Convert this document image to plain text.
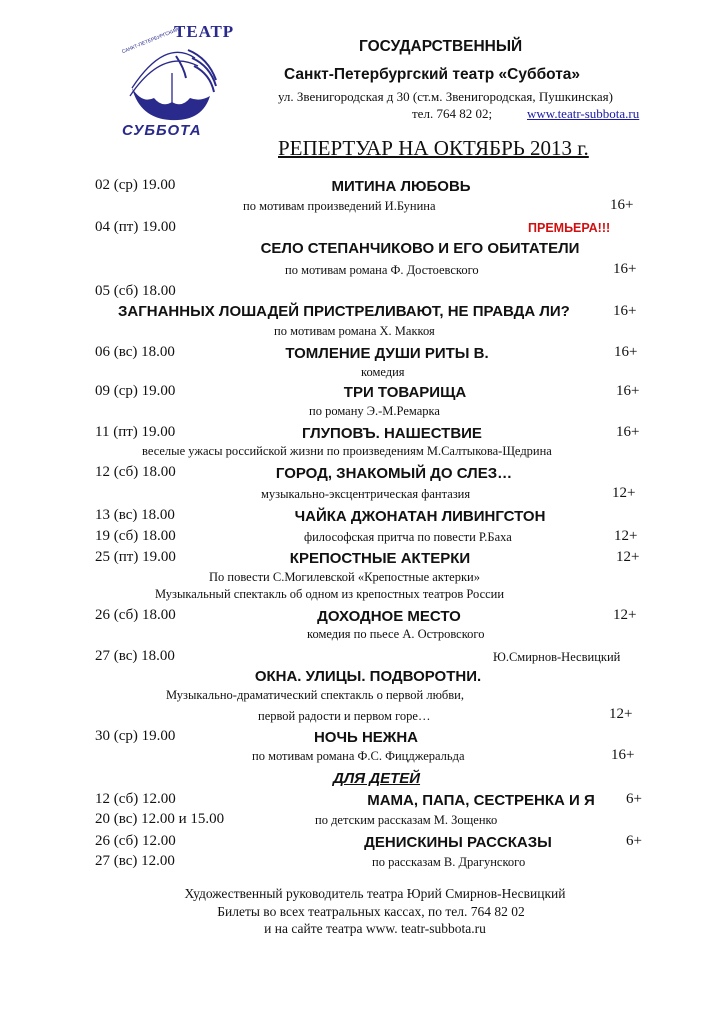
САНКТ-ПЕТЕРБУРГСКИЙ
ТЕАТР
СУББОТА
ГОСУДАРСТВЕННЫЙ
Санкт-Петербургский театр «Суббота»
ул. Звенигородская д 30 (ст.м. Звенигородская, Пушкинская)
тел. 764 82 02;	www.teatr-subbota.ru
РЕПЕРТУАР НА ОКТЯБРЬ 2013 г.
02 (ср) 19.00	МИТИНА ЛЮБОВЬ
по мотивам произведений И.Бунина	16+
04 (пт) 19.00	ПРЕМЬЕРА!!!
СЕЛО СТЕПАНЧИКОВО И ЕГО ОБИТАТЕЛИ
по мотивам романа Ф. Достоевского	16+
05 (сб) 18.00
ЗАГНАННЫХ ЛОШАДЕЙ ПРИСТРЕЛИВАЮТ, НЕ ПРАВДА ЛИ?	16+
по мотивам романа Х. Маккоя
06 (вс) 18.00	ТОМЛЕНИЕ ДУШИ РИТЫ В.	16+
комедия
09 (ср) 19.00	ТРИ ТОВАРИЩА	16+
по роману Э.-М.Ремарка
11 (пт) 19.00	ГЛУПОВЪ. НАШЕСТВИЕ	16+
веселые ужасы российской жизни по произведениям М.Салтыкова-Щедрина
12 (сб) 18.00	ГОРОД, ЗНАКОМЫЙ ДО СЛЕЗ…
музыкально-эксцентрическая фантазия	12+
13 (вс) 18.00	ЧАЙКА ДЖОНАТАН ЛИВИНГСТОН
19 (сб) 18.00	философская притча по повести Р.Баха	12+
25 (пт) 19.00	КРЕПОСТНЫЕ АКТЕРКИ	12+
По повести С.Могилевской «Крепостные актерки»
Музыкальный спектакль об одном из крепостных театров России
26 (сб) 18.00	ДОХОДНОЕ МЕСТО	12+
комедия по пьесе А. Островского
27 (вс) 18.00	Ю.Смирнов-Несвицкий
ОКНА. УЛИЦЫ. ПОДВОРОТНИ.
Музыкально-драматический спектакль о первой любви,
первой радости и первом горе…	12+
30 (ср) 19.00	НОЧЬ НЕЖНА
по мотивам романа Ф.С. Фицджеральда	16+
ДЛЯ ДЕТЕЙ
12 (сб) 12.00	МАМА, ПАПА, СЕСТРЕНКА И Я 6+
20 (вс) 12.00 и 15.00	по детским рассказам М. Зощенко
26 (сб) 12.00	ДЕНИСКИНЫ РАССКАЗЫ	6+
27 (вс) 12.00	по рассказам В. Драгунского
Художественный руководитель театра Юрий Смирнов-Несвицкий
Билеты во всех театральных кассах, по тел. 764 82 02
и на сайте театра www. teatr-subbota.ru
